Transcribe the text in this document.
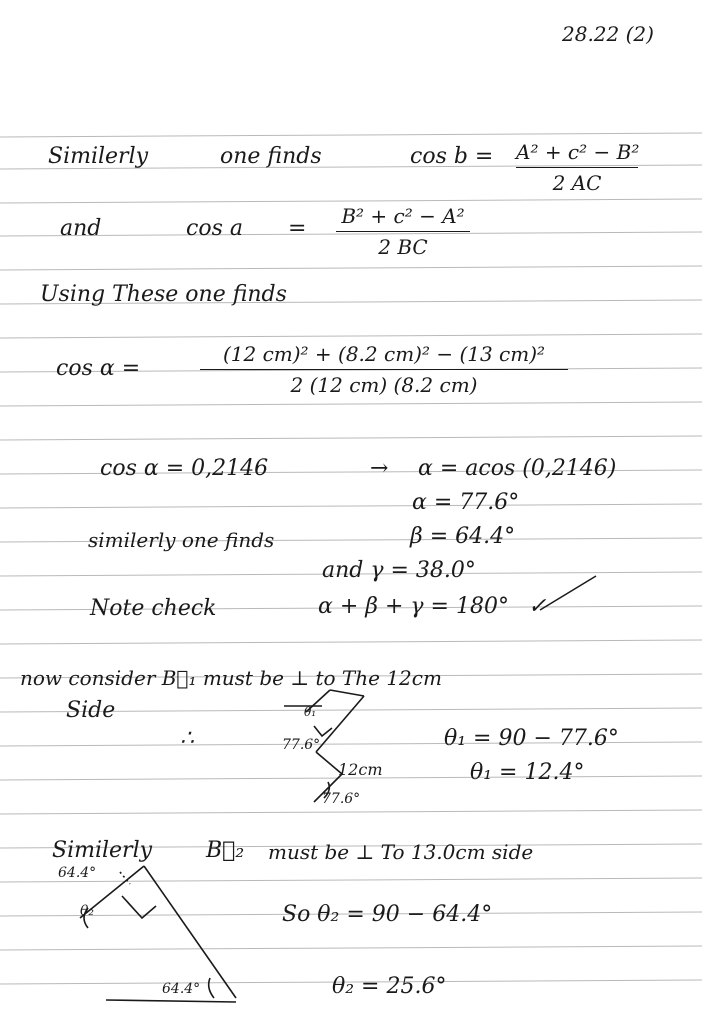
28.22 (2)
Similerly	one finds	cos b = A² + c² − B²
2 AC
and	cos a = B² + c² − A²
2 BC
Using These one finds
cos α =
(12 cm)² + (8.2 cm)² − (13 cm)²
2 (12 cm) (8.2 cm)
cos α = 0,2146	→ α = acos (0,2146)
α = 77.6°
similerly one finds	β = 64.4°
and γ = 38.0°
Note check	α + β + γ = 180° ✓
now consider B⃗₁ must be ⊥ to The 12cm
Side
∴
θ₁
77.6°
12cm
77.6°
θ₁ = 90 − 77.6°
θ₁ = 12.4°
Similerly B⃗₂ must be ⊥ To 13.0cm side
64.4°
θ₂
64.4°
So θ₂ = 90 − 64.4°
θ₂ = 25.6°
